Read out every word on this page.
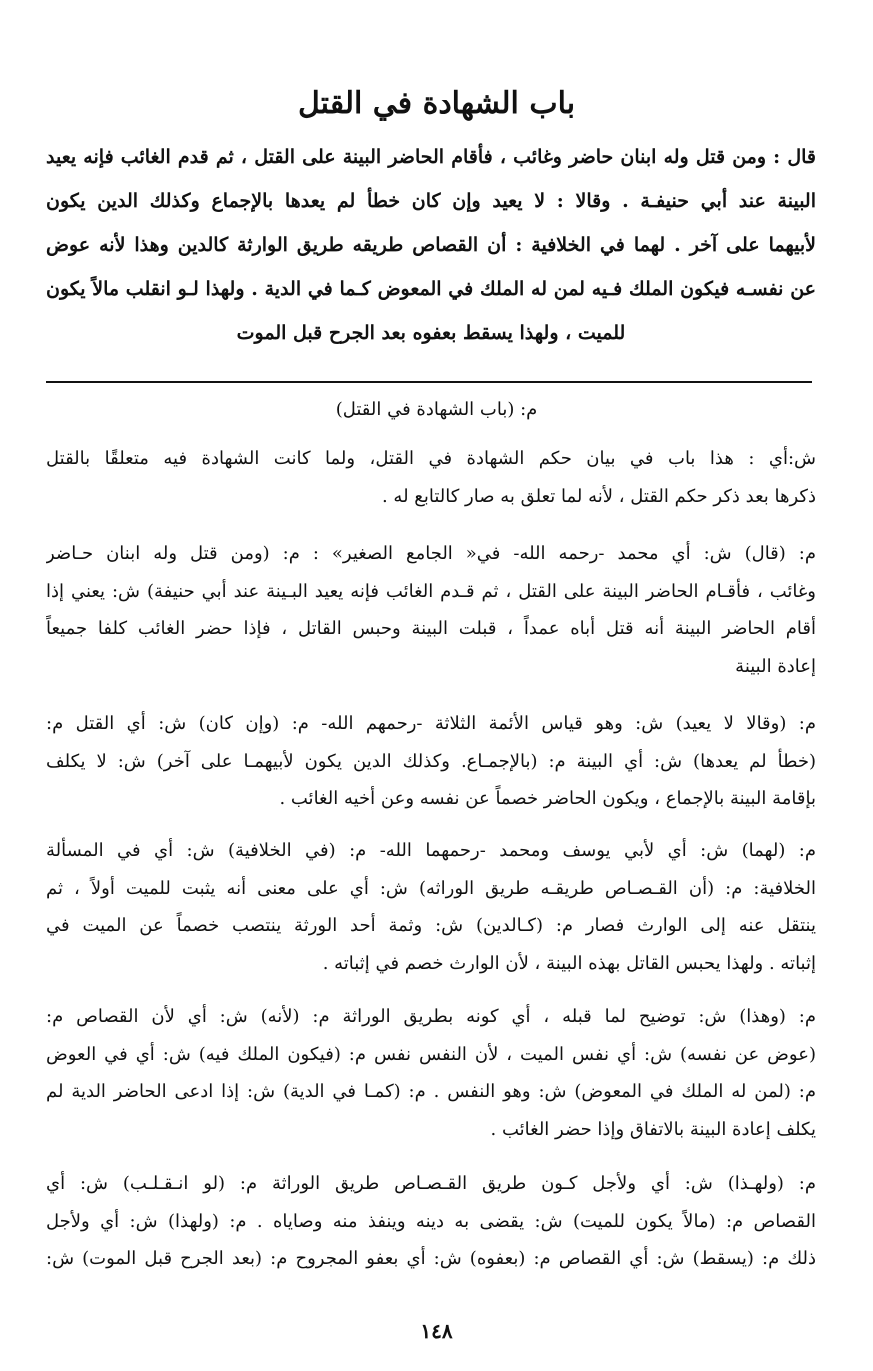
باب الشهادة في القتل
قال : ومن قتل وله ابنان حاضر وغائب ، فأقام الحاضر البينة على القتل ، ثم قدم الغائب فإنه يعيد
البينة عند أبي حنيفـة . وقالا : لا يعيد وإن كان خطأ لم يعدها بالإجماع وكذلك الدين يكون
لأبيهما على آخر . لهما في الخلافية : أن القصاص طريقه طريق الوارثة كالدين وهذا لأنه عوض
عن نفسـه فيكون الملك فـيه لمن له الملك في المعوض كـما في الدية . ولهذا لـو انقلب مالاً يكون
للميت ، ولهذا يسقط بعفوه بعد الجرح قبل الموت
م: (باب الشهادة في القتل)
ش:أي : هذا باب في بيان حكم الشهادة في القتل، ولما كانت الشهادة فيه متعلقًا بالقتل
ذكرها بعد ذكر حكم القتل ، لأنه لما تعلق به صار كالتابع له .
م: (قال) ش: أي محمد -رحمه الله- في« الجامع الصغير» : م: (ومن قتل وله ابنان حـاضر
وغائب ، فأقـام الحاضر البينة على القتل ، ثم قـدم الغائب فإنه يعيد البـينة عند أبي حنيفة) ش: يعني إذا
أقام الحاضر البينة أنه قتل أباه عمداً ، قبلت البينة وحبس القاتل ، فإذا حضر الغائب كلفا جميعاً
إعادة البينة
م: (وقالا لا يعيد) ش: وهو قياس الأئمة الثلاثة -رحمهم الله- م: (وإن كان) ش: أي القتل م:
(خطأ لم يعدها) ش: أي البينة م: (بالإجمـاع. وكذلك الدين يكون لأبيهمـا على آخر) ش: لا يكلف
بإقامة البينة بالإجماع ، ويكون الحاضر خصماً عن نفسه وعن أخيه الغائب .
م: (لهما) ش: أي لأبي يوسف ومحمد -رحمهما الله- م: (في الخلافية) ش: أي في المسألة
الخلافية: م: (أن القـصـاص طريقـه طريق الوراثه) ش: أي على معنى أنه يثبت للميت أولاً ، ثم
ينتقل عنه إلى الوارث فصار م: (كـالدين) ش: وثمة أحد الورثة ينتصب خصماً عن الميت في
إثباته . ولهذا يحبس القاتل بهذه البينة ، لأن الوارث خصم في إثباته .
م: (وهذا) ش: توضيح لما قبله ، أي كونه بطريق الوراثة م: (لأنه) ش: أي لأن القصاص م:
(عوض عن نفسه) ش: أي نفس الميت ، لأن النفس نفس م: (فيكون الملك فيه) ش: أي في العوض
م: (لمن له الملك في المعوض) ش: وهو النفس . م: (كمـا في الدية) ش: إذا ادعى الحاضر الدية لم
يكلف إعادة البينة بالاتفاق وإذا حضر الغائب .
م: (ولهـذا) ش: أي ولأجل كـون طريق القـصـاص طريق الوراثة م: (لو انـقـلـب) ش: أي
القصاص م: (مالاً يكون للميت) ش: يقضى به دينه وينفذ منه وصاياه . م: (ولهذا) ش: أي ولأجل
ذلك م: (يسقط) ش: أي القصاص م: (بعفوه) ش: أي بعفو المجروح م: (بعد الجرح قبل الموت) ش:
١٤٨
